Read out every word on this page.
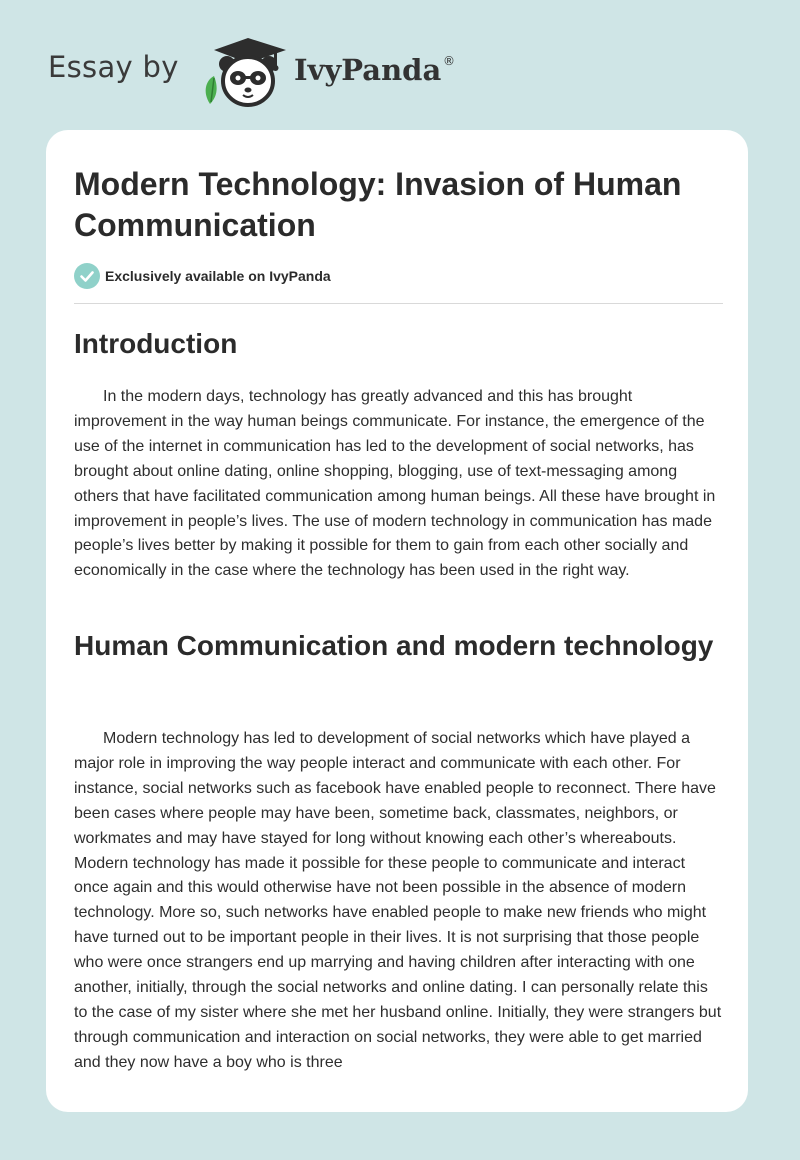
Essay by	IvyPanda ®
Modern Technology: Invasion of Human Communication
Exclusively available on IvyPanda
Introduction

In the modern days, technology has greatly advanced and this has brought improvement in the way human beings communicate. For instance, the emergence of the use of the internet in communication has led to the development of social networks, has brought about online dating, online shopping, blogging, use of text-messaging among others that have facilitated communication among human beings. All these have brought in improvement in people’s lives. The use of modern technology in communication has made people’s lives better by making it possible for them to gain from each other socially and economically in the case where the technology has been used in the right way.

Human Communication and modern technology

Modern technology has led to development of social networks which have played a major role in improving the way people interact and communicate with each other. For instance, social networks such as facebook have enabled people to reconnect. There have been cases where people may have been, sometime back, classmates, neighbors, or workmates and may have stayed for long without knowing each other’s whereabouts. Modern technology has made it possible for these people to communicate and interact once again and this would otherwise have not been possible in the absence of modern technology. More so, such networks have enabled people to make new friends who might have turned out to be important people in their lives. It is not surprising that those people who were once strangers end up marrying and having children after interacting with one another, initially, through the social networks and online dating. I can personally relate this to the case of my sister where she met her husband online. Initially, they were strangers but through communication and interaction on social networks, they were able to get married and they now have a boy who is three
